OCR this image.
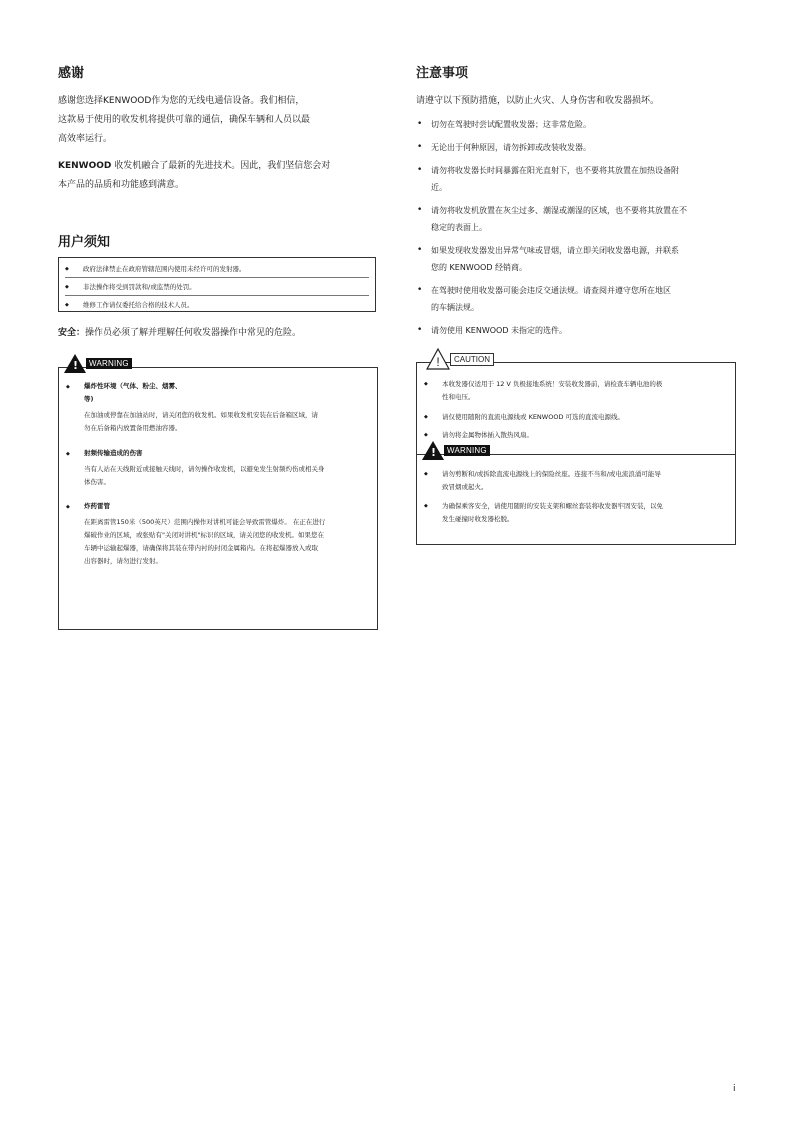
感谢

感谢您选择KENWOOD作为您的无线电通信设备。我们相信，
这款易于使用的收发机将提供可靠的通信，确保车辆和人员以最
高效率运行。

KENWOOD 收发机融合了最新的先进技术。因此，我们坚信您会对
本产品的品质和功能感到满意。

用户须知
◆	政府法律禁止在政府管辖范围内使用未经许可的发射器。
◆	非法操作将受到罚款和/或监禁的处罚。
◆	维修工作请仅委托给合格的技术人员。

安全：操作员必须了解并理解任何收发器操作中常见的危险。

!
WARNING
◆ 爆炸性环境（气体、粉尘、烟雾、
等)
在加油或停靠在加油站时，请关闭您的收发机。如果收发机安装在后备箱区域，请
勿在后备箱内放置备用燃油容器。
◆ 射频传输造成的伤害
当有人站在天线附近或接触天线时，请勿操作收发机，以避免发生射频灼伤或相关身
体伤害。
◆ 炸药雷管
在距离雷管150米（500英尺）范围内操作对讲机可能会导致雷管爆炸。 在正在进行
爆破作业的区域，或张贴有"关闭对讲机"标识的区域，请关闭您的收发机。如果您在
车辆中运输起爆器，请确保将其装在带内衬的封闭金属箱内。在将起爆器放入或取
出容器时，请勿进行发射。
注意事项

请遵守以下预防措施，以防止火灾、人身伤害和收发器损坏。

• 切勿在驾驶时尝试配置收发器；这非常危险。
• 无论出于何种原因，请勿拆卸或改装收发器。
• 请勿将收发器长时间暴露在阳光直射下，也不要将其放置在加热设备附
近。
• 请勿将收发机放置在灰尘过多、潮湿或潮湿的区域，也不要将其放置在不
稳定的表面上。
• 如果发现收发器发出异常气味或冒烟，请立即关闭收发器电源，并联系
您的 KENWOOD 经销商。
• 在驾驶时使用收发器可能会违反交通法规。请查阅并遵守您所在地区
的车辆法规。
• 请勿使用 KENWOOD 未指定的选件。
!	CAUTION
◆	本收发器仅适用于 12 V 负极接地系统！安装收发器前，请检查车辆电池的极
性和电压。
◆	请仅使用随附的直流电源线或 KENWOOD 可选的直流电源线。
◆	请勿将金属物体插入散热风扇。
!
WARNING
◆	请勿剪断和/或拆除直流电源线上的保险丝座。连接不当和/或电流浪涌可能导
致冒烟或起火。
◆	为确保乘客安全，请使用随附的安装支架和螺丝套装将收发器牢固安装，以免
发生碰撞时收发器松脱。
i
